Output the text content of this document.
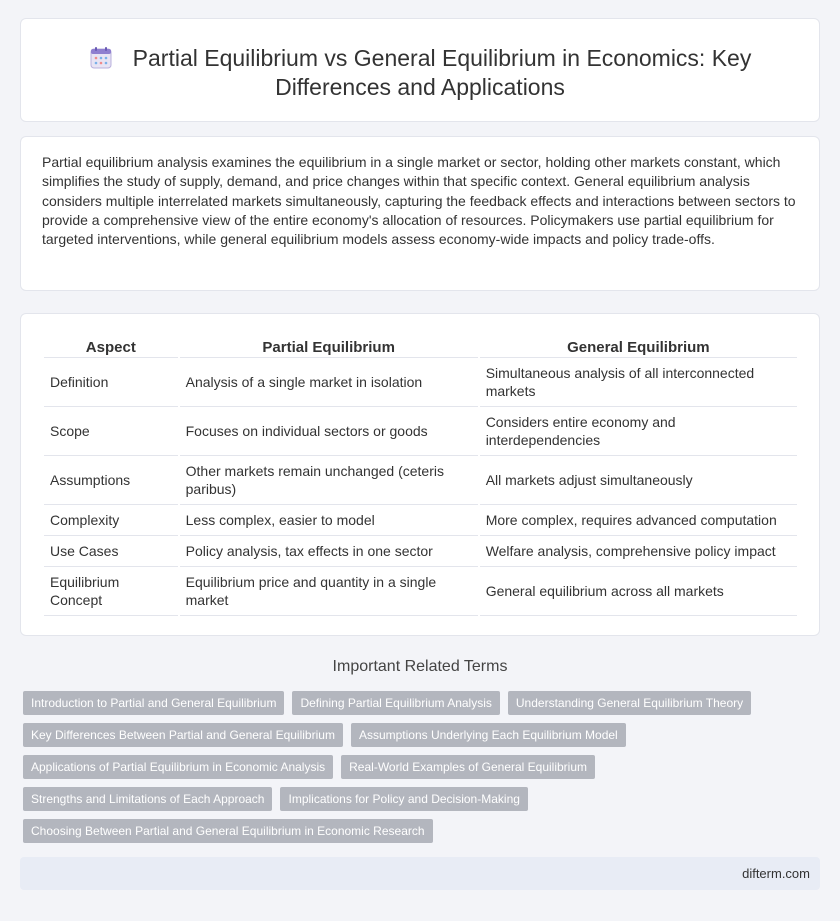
Partial Equilibrium vs General Equilibrium in Economics: Key Differences and Applications

Partial equilibrium analysis examines the equilibrium in a single market or sector, holding other markets constant, which simplifies the study of supply, demand, and price changes within that specific context. General equilibrium analysis considers multiple interrelated markets simultaneously, capturing the feedback effects and interactions between sectors to provide a comprehensive view of the entire economy's allocation of resources. Policymakers use partial equilibrium for targeted interventions, while general equilibrium models assess economy-wide impacts and policy trade-offs.

Aspect	Partial Equilibrium	General Equilibrium
Definition	Analysis of a single market in isolation	Simultaneous analysis of all interconnected markets
Scope	Focuses on individual sectors or goods	Considers entire economy and interdependencies
Assumptions	Other markets remain unchanged (ceteris paribus)	All markets adjust simultaneously
Complexity	Less complex, easier to model	More complex, requires advanced computation
Use Cases	Policy analysis, tax effects in one sector	Welfare analysis, comprehensive policy impact
Equilibrium Concept	Equilibrium price and quantity in a single market	General equilibrium across all markets
Important Related Terms
Introduction to Partial and General Equilibrium	Defining Partial Equilibrium Analysis	Understanding General Equilibrium Theory
Key Differences Between Partial and General Equilibrium	Assumptions Underlying Each Equilibrium Model
Applications of Partial Equilibrium in Economic Analysis	Real-World Examples of General Equilibrium
Strengths and Limitations of Each Approach	Implications for Policy and Decision-Making
Choosing Between Partial and General Equilibrium in Economic Research
difterm.com
